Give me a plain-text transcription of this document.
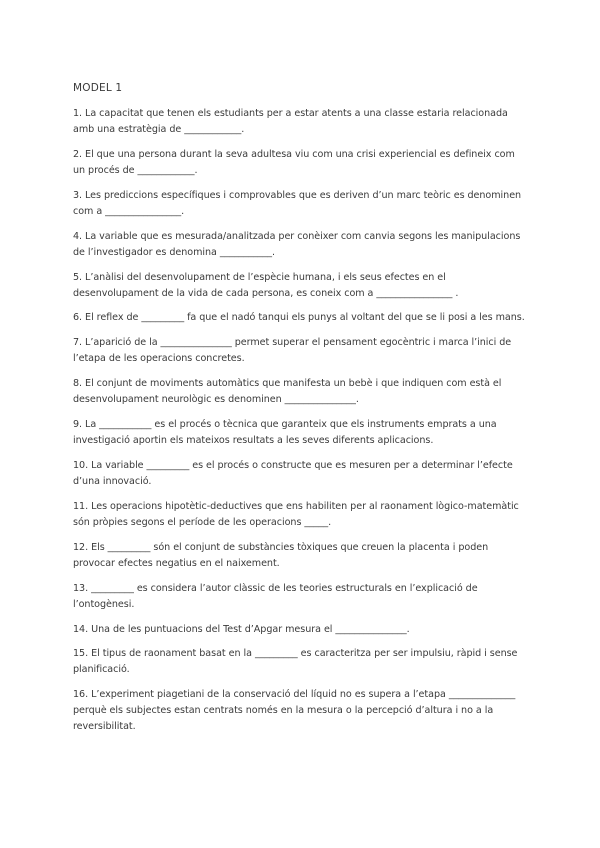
MODEL 1

1. La capacitat que tenen els estudiants per a estar atents a una classe estaria relacionada amb una estratègia de ____________.

2. El que una persona durant la seva adultesa viu com una crisi experiencial es defineix com un procés de ____________.

3. Les prediccions específiques i comprovables que es deriven d’un marc teòric es denominen com a ________________.

4. La variable que es mesurada/analitzada per conèixer com canvia segons les manipulacions de l’investigador es denomina ___________.

5. L’anàlisi del desenvolupament de l’espècie humana, i els seus efectes en el desenvolupament de la vida de cada persona, es coneix com a ________________ .

6. El reflex de _________ fa que el nadó tanqui els punys al voltant del que se li posi a les mans.

7. L’aparició de la _______________ permet superar el pensament egocèntric i marca l’inici de l’etapa de les operacions concretes.

8. El conjunt de moviments automàtics que manifesta un bebè i que indiquen com està el desenvolupament neurològic es denominen _______________.

9. La ___________ es el procés o tècnica que garanteix que els instruments emprats a una investigació aportin els mateixos resultats a les seves diferents aplicacions.

10. La variable _________ es el procés o constructe que es mesuren per a determinar l’efecte d’una innovació.

11. Les operacions hipotètic-deductives que ens habiliten per al raonament lògico-matemàtic són pròpies segons el període de les operacions _____.

12. Els _________ són el conjunt de substàncies tòxiques que creuen la placenta i poden provocar efectes negatius en el naixement.

13. _________ es considera l’autor clàssic de les teories estructurals en l’explicació de l’ontogènesi.

14. Una de les puntuacions del Test d’Apgar mesura el _______________.

15. El tipus de raonament basat en la _________ es caracteritza per ser impulsiu, ràpid i sense planificació.

16. L’experiment piagetiani de la conservació del líquid no es supera a l’etapa ______________ perquè els subjectes estan centrats només en la mesura o la percepció d’altura i no a la reversibilitat.
